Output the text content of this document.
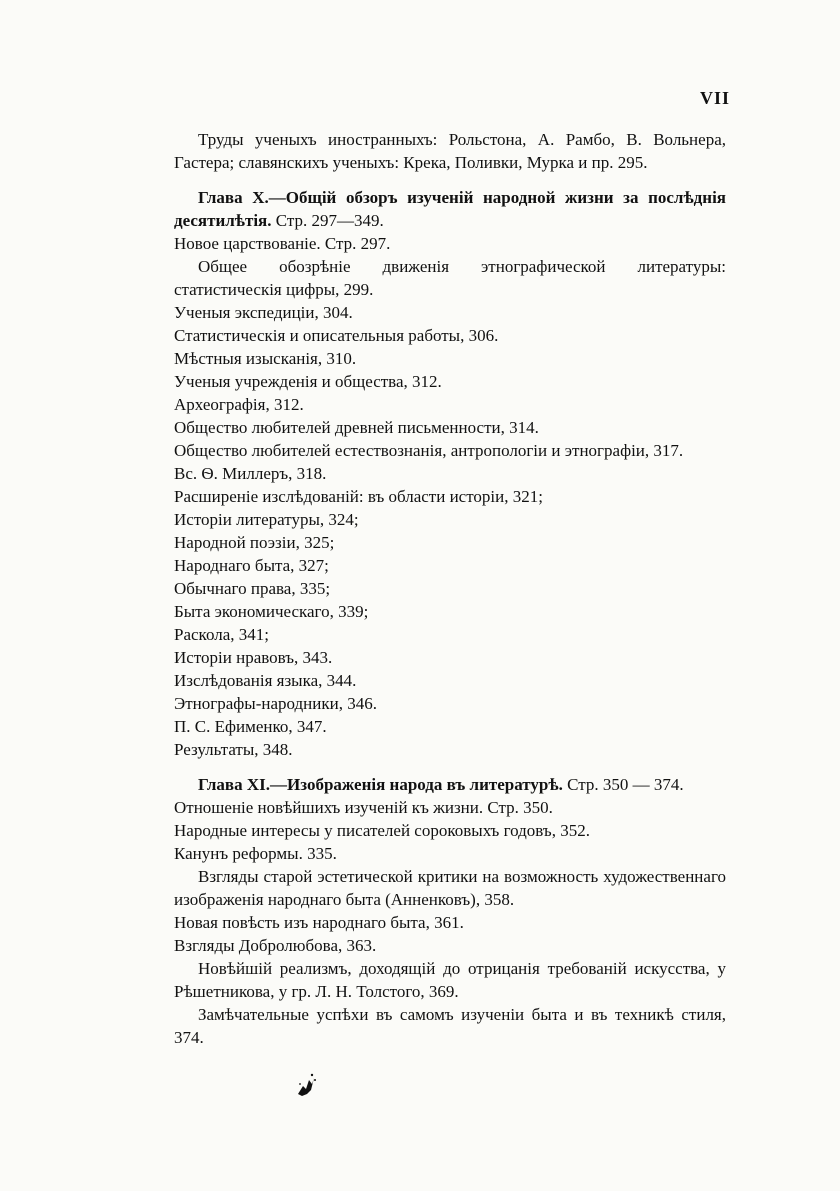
VII

Труды ученыхъ иностранныхъ: Рольстона, А. Рамбо, В. Вольнера, Гастера; славянскихъ ученыхъ: Крека, Поливки, Мурка и пр. 295.

Глава X.—Общій обзоръ изученій народной жизни за послѣднія десятилѣтія. Стр. 297—349.

Новое царствованіе. Стр. 297.

Общее обозрѣніе движенія этнографической литературы: статистическія цифры, 299.

Ученыя экспедиціи, 304.

Статистическія и описательныя работы, 306.

Мѣстныя изысканія, 310.

Ученыя учрежденія и общества, 312.

Археографія, 312.

Общество любителей древней письменности, 314.

Общество любителей естествознанія, антропологіи и этнографіи, 317.

Вс. Ѳ. Миллеръ, 318.

Расширеніе изслѣдованій: въ области исторіи, 321;

Исторіи литературы, 324;

Народной поэзіи, 325;

Народнаго быта, 327;

Обычнаго права, 335;

Быта экономическаго, 339;

Раскола, 341;

Исторіи нравовъ, 343.

Изслѣдованія языка, 344.

Этнографы-народники, 346.

П. С. Ефименко, 347.

Результаты, 348.

Глава XI.—Изображенія народа въ литературѣ. Стр. 350 — 374.

Отношеніе новѣйшихъ изученій къ жизни. Стр. 350.

Народные интересы у писателей сороковыхъ годовъ, 352.

Канунъ реформы. 335.

Взгляды старой эстетической критики на возможность художественнаго изображенія народнаго быта (Анненковъ), 358.

Новая повѣсть изъ народнаго быта, 361.

Взгляды Добролюбова, 363.

Новѣйшій реализмъ, доходящій до отрицанія требованій искусства, у Рѣшетникова, у гр. Л. Н. Толстого, 369.

Замѣчательные успѣхи въ самомъ изученіи быта и въ техникѣ стиля, 374.
